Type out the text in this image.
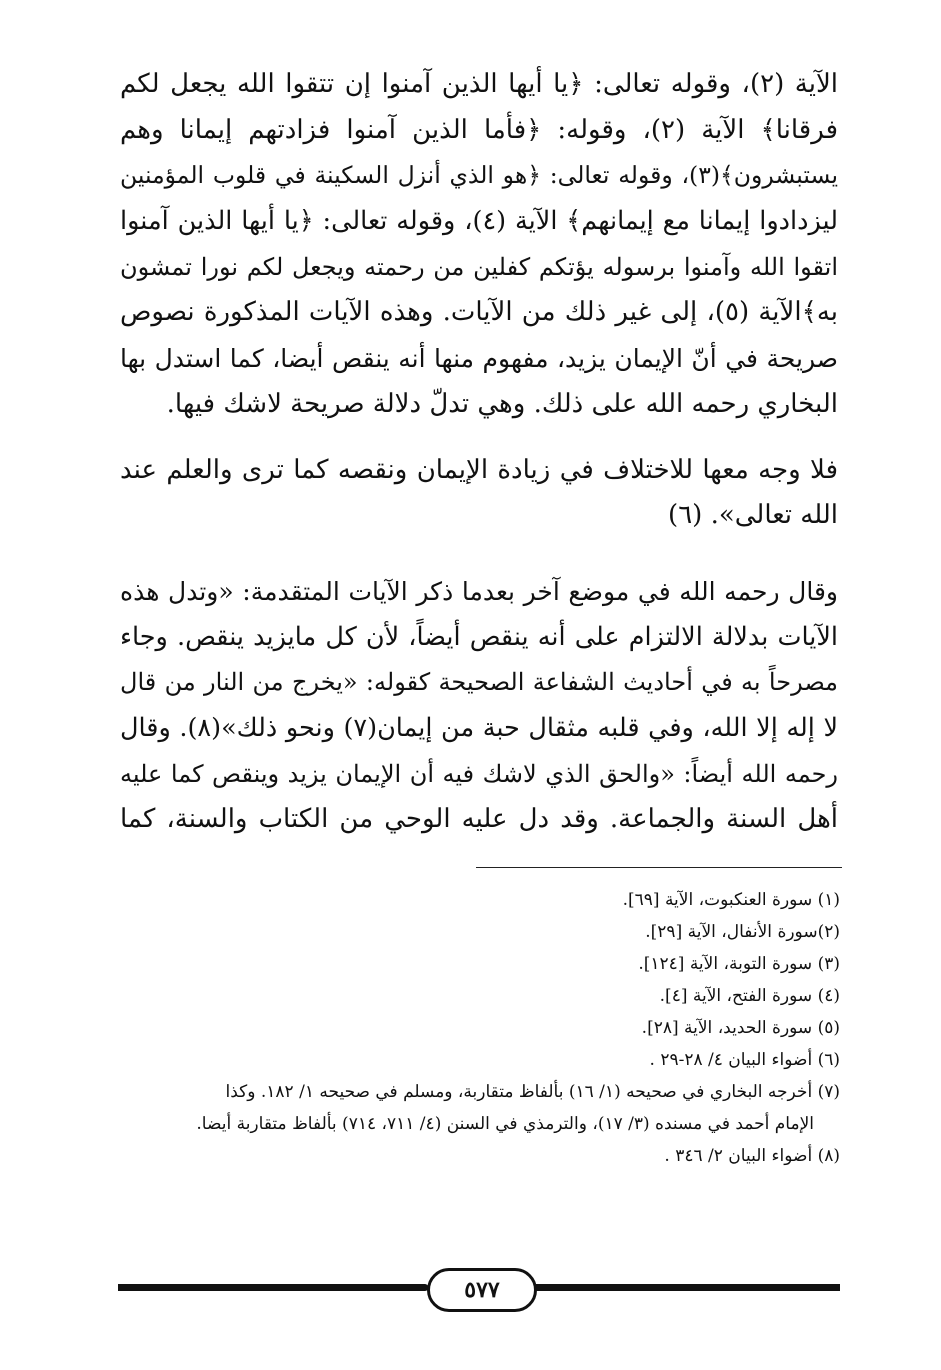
الآية (٢)، وقوله تعالى: ﴿يا أيها الذين آمنوا إن تتقوا الله يجعل لكم
فرقانا﴾ الآية (٢)، وقوله: ﴿فأما الذين آمنوا فزادتهم إيمانا وهم
يستبشرون﴾(٣)، وقوله تعالى: ﴿هو الذي أنزل السكينة في قلوب المؤمنين
ليزدادوا إيمانا مع إيمانهم﴾ الآية (٤)، وقوله تعالى: ﴿يا أيها الذين آمنوا
اتقوا الله وآمنوا برسوله يؤتكم كفلين من رحمته ويجعل لكم نورا تمشون
به﴾الآية (٥)، إلى غير ذلك من الآيات. وهذه الآيات المذكورة نصوص
صريحة في أنّ الإيمان يزيد، مفهوم منها أنه ينقص أيضا، كما استدل بها
البخاري رحمه الله على ذلك. وهي تدلّ دلالة صريحة لاشك فيها.
فلا وجه معها للاختلاف في زيادة الإيمان ونقصه كما ترى والعلم عند
الله تعالى». (٦)
وقال رحمه الله في موضع آخر بعدما ذكر الآيات المتقدمة: «وتدل هذه
الآيات بدلالة الالتزام على أنه ينقص أيضاً، لأن كل مايزيد ينقص. وجاء
مصرحاً به في أحاديث الشفاعة الصحيحة كقوله: «يخرج من النار من قال
لا إله إلا الله، وفي قلبه مثقال حبة من إيمان(٧) ونحو ذلك»(٨). وقال
رحمه الله أيضاً: «والحق الذي لاشك فيه أن الإيمان يزيد وينقص كما عليه
أهل السنة والجماعة. وقد دل عليه الوحي من الكتاب والسنة، كما
(١) سورة العنكبوت، الآية [٦٩].
(٢)سورة الأنفال، الآية [٢٩].
(٣) سورة التوبة، الآية [١٢٤].
(٤) سورة الفتح، الآية [٤].
(٥) سورة الحديد، الآية [٢٨].
(٦) أضواء البيان ٤/ ٢٨-٢٩ .
(٧) أخرجه البخاري في صحيحه (١/ ١٦) بألفاظ متقاربة، ومسلم في صحيحه ١/ ١٨٢. وكذا
الإمام أحمد في مسنده (٣/ ١٧)، والترمذي في السنن (٤/ ٧١١، ٧١٤) بألفاظ متقاربة أيضا.
(٨) أضواء البيان ٢/ ٣٤٦ .
٥٧٧
